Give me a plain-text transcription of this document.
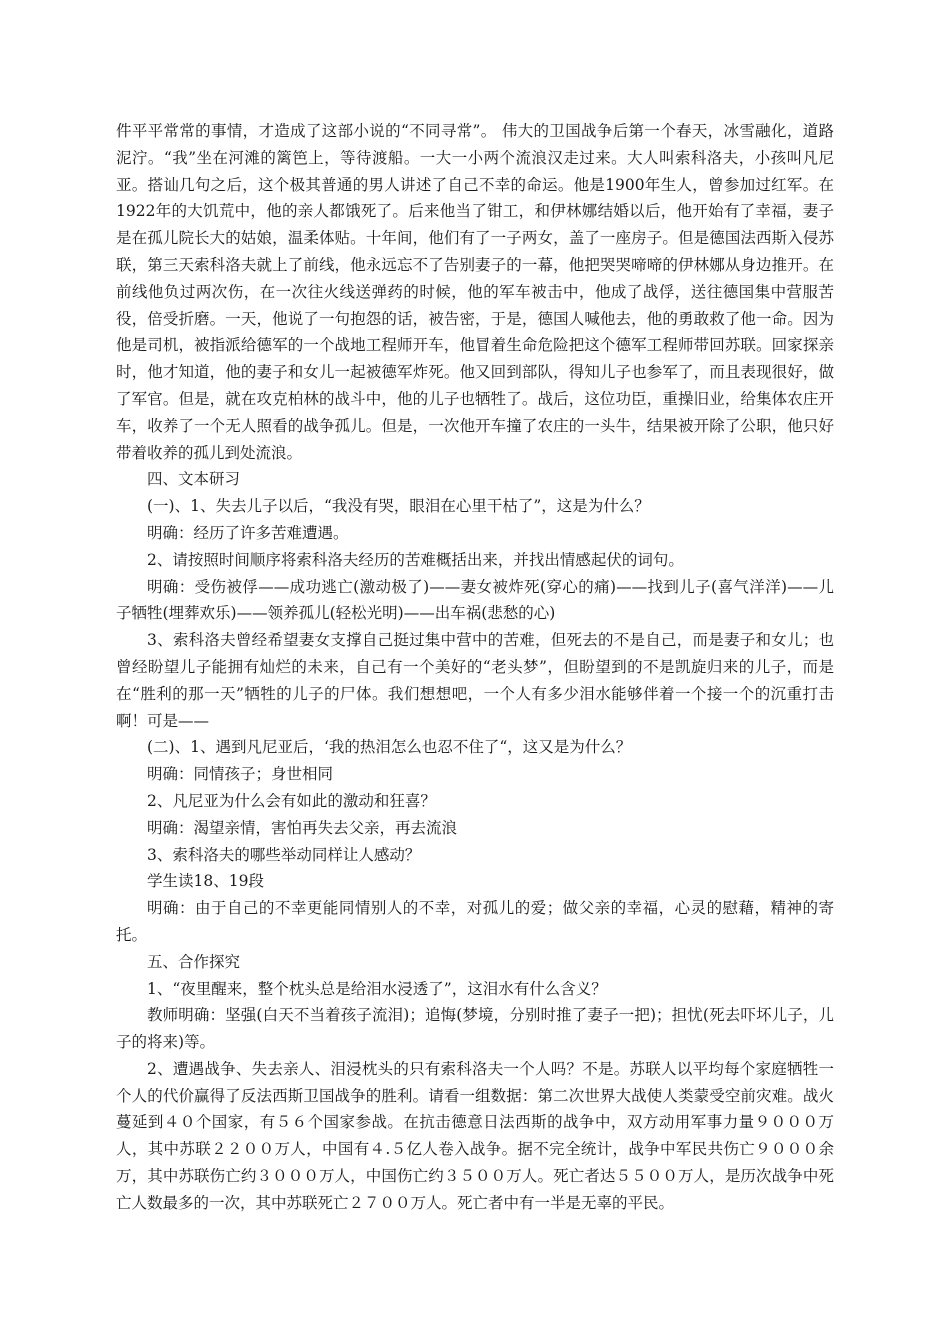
件平平常常的事情，才造成了这部小说的“不同寻常”。 伟大的卫国战争后第一个春天，冰雪融化，道路泥泞。“我”坐在河滩的篱笆上，等待渡船。一大一小两个流浪汉走过来。大人叫索科洛夫，小孩叫凡尼亚。搭讪几句之后，这个极其普通的男人讲述了自己不幸的命运。他是1900年生人，曾参加过红军。在1922年的大饥荒中，他的亲人都饿死了。后来他当了钳工，和伊林娜结婚以后，他开始有了幸福，妻子是在孤儿院长大的姑娘，温柔体贴。十年间，他们有了一子两女，盖了一座房子。但是德国法西斯入侵苏联，第三天索科洛夫就上了前线，他永远忘不了告别妻子的一幕，他把哭哭啼啼的伊林娜从身边推开。在前线他负过两次伤，在一次往火线送弹药的时候，他的军车被击中，他成了战俘，送往德国集中营服苦役，倍受折磨。一天，他说了一句抱怨的话，被告密，于是，德国人喊他去，他的勇敢救了他一命。因为他是司机，被指派给德军的一个战地工程师开车，他冒着生命危险把这个德军工程师带回苏联。回家探亲时，他才知道，他的妻子和女儿一起被德军炸死。他又回到部队，得知儿子也参军了，而且表现很好，做了军官。但是，就在攻克柏林的战斗中，他的儿子也牺牲了。战后，这位功臣，重操旧业，给集体农庄开车，收养了一个无人照看的战争孤儿。但是，一次他开车撞了农庄的一头牛，结果被开除了公职，他只好带着收养的孤儿到处流浪。

四、文本研习

(一)、1、失去儿子以后，“我没有哭，眼泪在心里干枯了”，这是为什么？

明确：经历了许多苦难遭遇。

2、请按照时间顺序将索科洛夫经历的苦难概括出来，并找出情感起伏的词句。

明确：受伤被俘——成功逃亡(激动极了)——妻女被炸死(穿心的痛)——找到儿子(喜气洋洋)——儿子牺牲(埋葬欢乐)——领养孤儿(轻松光明)——出车祸(悲愁的心)

3、索科洛夫曾经希望妻女支撑自己挺过集中营中的苦难，但死去的不是自己，而是妻子和女儿；也曾经盼望儿子能拥有灿烂的未来，自己有一个美好的“老头梦”，但盼望到的不是凯旋归来的儿子，而是在“胜利的那一天”牺牲的儿子的尸体。我们想想吧，一个人有多少泪水能够伴着一个接一个的沉重打击啊！可是——

(二)、1、遇到凡尼亚后，‘我的热泪怎么也忍不住了“，这又是为什么？

明确：同情孩子；身世相同

2、凡尼亚为什么会有如此的激动和狂喜？

明确：渴望亲情，害怕再失去父亲，再去流浪

3、索科洛夫的哪些举动同样让人感动？

学生读18、19段

明确：由于自己的不幸更能同情别人的不幸，对孤儿的爱；做父亲的幸福，心灵的慰藉，精神的寄托。

五、合作探究

1、“夜里醒来，整个枕头总是给泪水浸透了”，这泪水有什么含义？

教师明确：坚强(白天不当着孩子流泪)；追悔(梦境，分别时推了妻子一把)；担忧(死去吓坏儿子，儿子的将来)等。

2、遭遇战争、失去亲人、泪浸枕头的只有索科洛夫一个人吗？不是。苏联人以平均每个家庭牺牲一个人的代价赢得了反法西斯卫国战争的胜利。请看一组数据：第二次世界大战使人类蒙受空前灾难。战火蔓延到４０个国家，有５６个国家参战。在抗击德意日法西斯的战争中，双方动用军事力量９０００万人，其中苏联２２００万人，中国有４.５亿人卷入战争。据不完全统计，战争中军民共伤亡９０００余万，其中苏联伤亡约３０００万人，中国伤亡约３５００万人。死亡者达５５００万人，是历次战争中死亡人数最多的一次，其中苏联死亡２７００万人。死亡者中有一半是无辜的平民。
